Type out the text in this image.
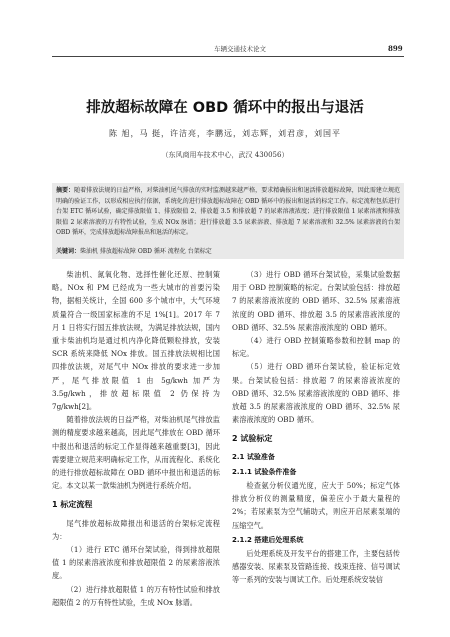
车辆交通技术论文	899
排放超标故障在 OBD 循环中的报出与退活
陈 旭，马 挺，许洁亮，李鹏远，刘志辉，刘君彦，刘国平
（东风商用车技术中心，武汉 430056）
摘要：随着排放法规的日益严格，对柴油机尾气排放的实时监测越来越严格，要求精确报出和退活排放超标故障，因此需建立规范明确的验证工作，以形成相应执行依据，系统化的进行排放超标故障在 OBD 循环中的报出和退活的标定工作。标定流程包括进行台架 ETC 循环试验，确定排放限值 1、排放限值 2、排放超 3.5 和排放超 7 的尿素溶液浓度；进行排放限值 1 尿素溶液和排放限值 2 尿素溶液的万有特性试验，生成 NOx 脉谱；进行排放超 3.5 尿素溶液、排放超 7 尿素溶液和 32.5% 尿素溶液的台架 OBD 循环，完成排放超标故障报出和退活的标定。
关键词：柴油机 排放超标故障 OBD 循环 流程化 台架标定

柴油机、氮氧化物、选择性催化还原、控制策略。NOx 和 PM 已经成为一些大城市的首要污染物，据相关统计，全国 600 多个城市中，大气环境质量符合一级国家标准的不足 1%[1]。2017 年 7 月 1 日将实行国五排放法规，为满足排放法规，国内重卡柴油机均是通过机内净化降低颗粒排放，安装 SCR 系统来降低 NOx 排放。国五排放法规相比国四排放法规，对尾气中 NOx 排放的要求进一步加严，尾气排放限值 1 由 5g/kwh 加严为 3.5g/kwh，排放超标限值 2 仍保持为 7g/kwh[2]。

随着排放法规的日益严格，对柴油机尾气排放监测的精度要求越来越高，因此尾气排放在 OBD 循环中报出和退活的标定工作显得越来越重要[3]，因此需要建立规范来明确标定工作，从而流程化、系统化的进行排放超标故障在 OBD 循环中报出和退活的标定。本文以某一款柴油机为例进行系统介绍。

1 标定流程

尾气排放超标故障报出和退活的台架标定流程为：

（1）进行 ETC 循环台架试验，得到排放超限值 1 的尿素溶液浓度和排放超限值 2 的尿素溶液浓度。

（2）进行排放超限值 1 的万有特性试验和排放超限值 2 的万有特性试验，生成 NOx 脉谱。

（3）进行 OBD 循环台架试验，采集试验数据用于 OBD 控制策略的标定。台架试验包括：排放超 7 的尿素溶液浓度的 OBD 循环、32.5% 尿素溶液浓度的 OBD 循环、排放超 3.5 的尿素溶液浓度的 OBD 循环、32.5% 尿素溶液浓度的 OBD 循环。

（4）进行 OBD 控制策略参数和控制 map 的标定。

（5）进行 OBD 循环台架试验，验证标定效果。台架试验包括：排放超 7 的尿素溶液浓度的 OBD 循环、32.5% 尿素溶液浓度的 OBD 循环、排放超 3.5 的尿素溶液浓度的 OBD 循环、32.5% 尿素溶液浓度的 OBD 循环。

2 试验标定
2.1 试验准备
2.1.1 试验条件准备

检查氨分析仪通光度，应大于 50%；标定气体排放分析仪的测量精度，偏差应小于最大量程的 2%；若尿素泵为空气辅助式，则应开启尿素泵端的压缩空气。

2.1.2 搭建后处理系统

后处理系统及开发平台的搭建工作，主要包括传感器安装、尿素泵及管路连接、线束连接、信号调试等一系列的安装与调试工作。后处理系统安装信
